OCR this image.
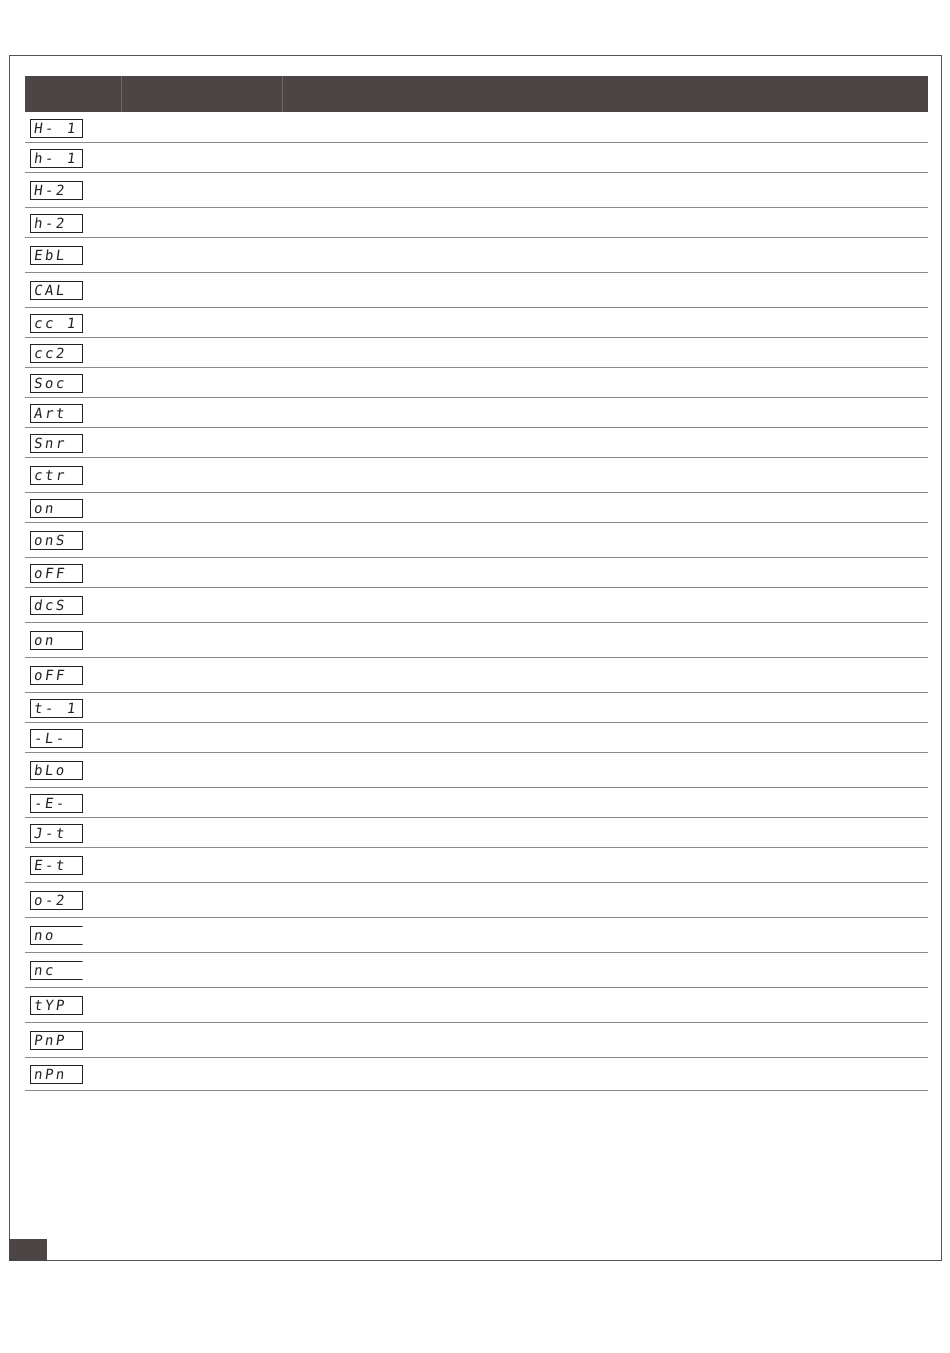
H- 1
h- 1
H-2
h-2
EbL
CAL
cc 1
cc2
Soc
Art
Snr
ctr
on
onS
oFF
dcS
on
oFF
t- 1
-L-
bLo
-E-
J-t
E-t
o-2
no
nc
tYP
PnP
nPn
